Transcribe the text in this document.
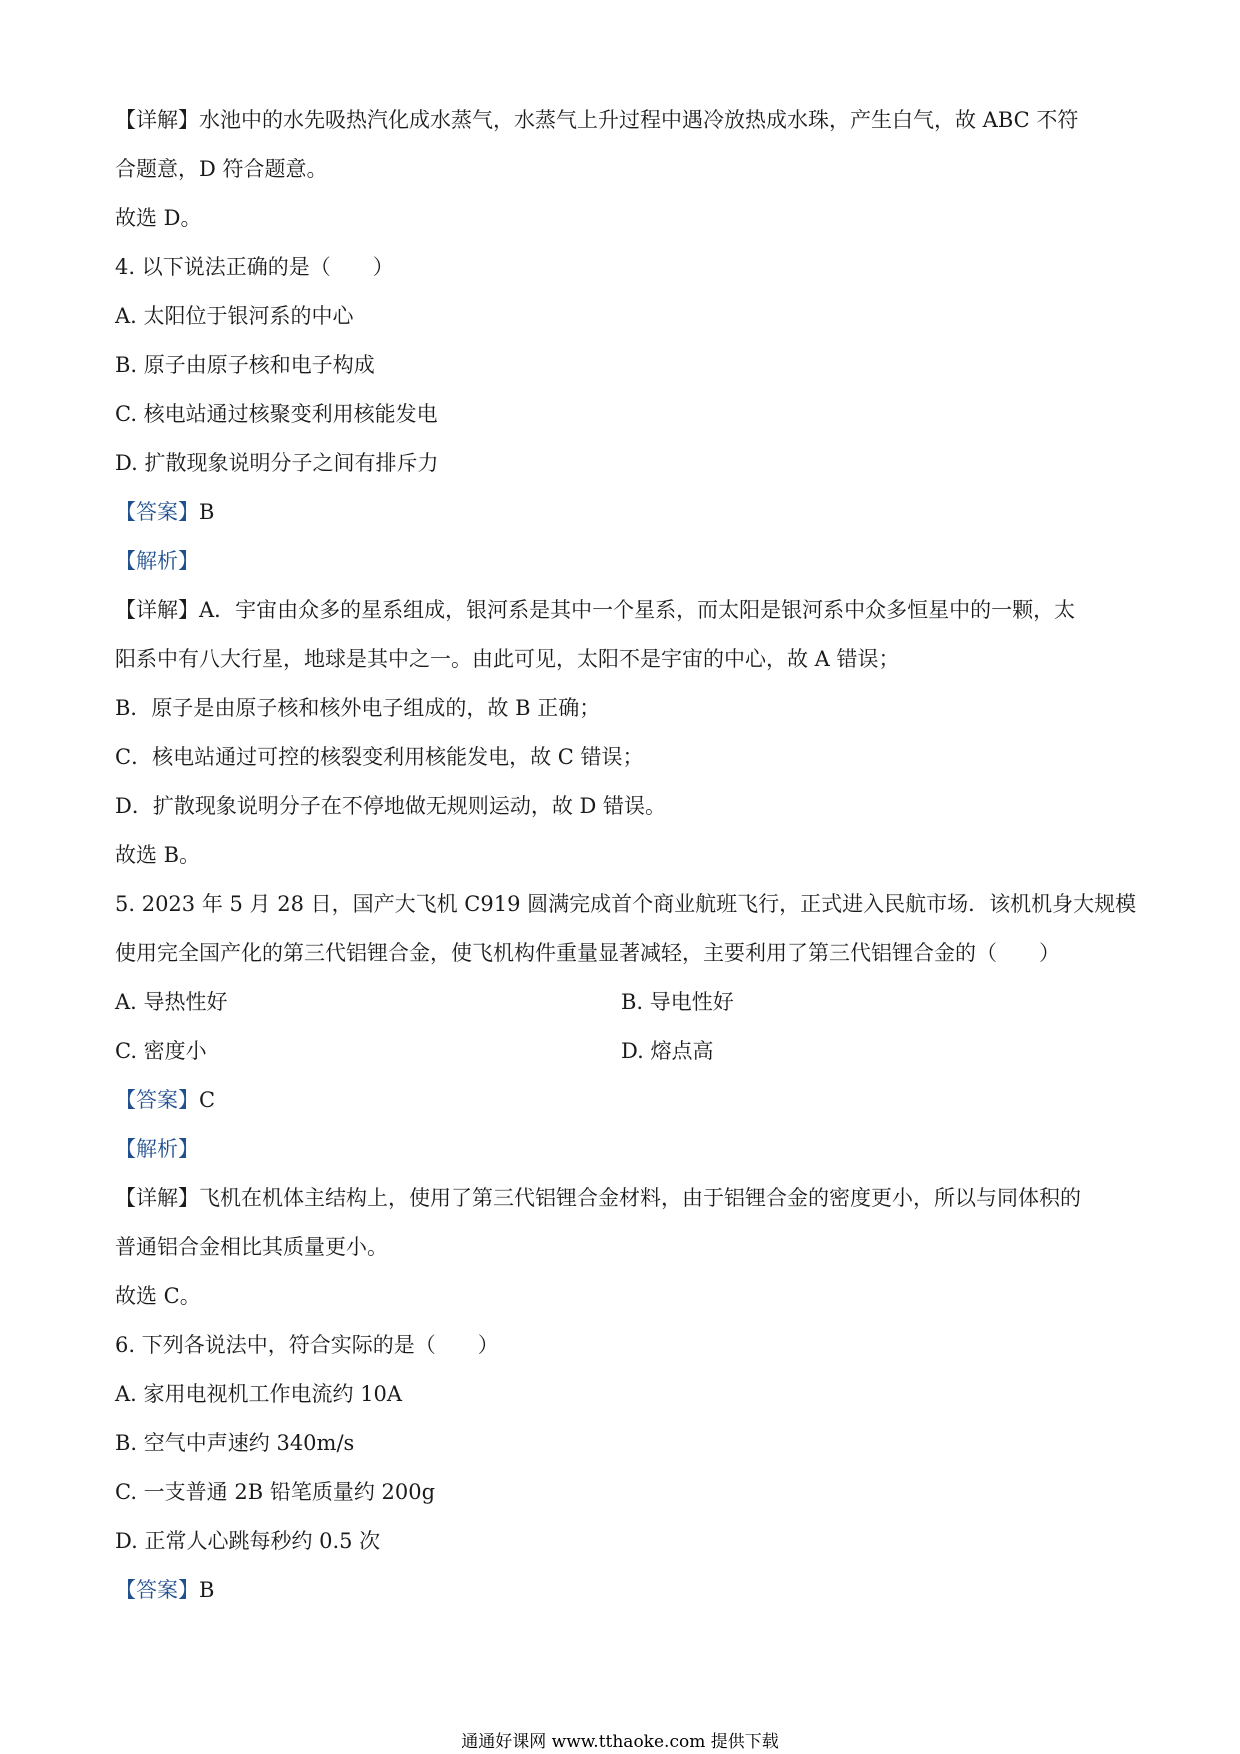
【详解】水池中的水先吸热汽化成水蒸气，水蒸气上升过程中遇冷放热成水珠，产生白气，故 ABC 不符
合题意，D 符合题意。
故选 D。
4. 以下说法正确的是（ ）
A. 太阳位于银河系的中心
B. 原子由原子核和电子构成
C. 核电站通过核聚变利用核能发电
D. 扩散现象说明分子之间有排斥力
【答案】B
【解析】
【详解】A．宇宙由众多的星系组成，银河系是其中一个星系，而太阳是银河系中众多恒星中的一颗，太
阳系中有八大行星，地球是其中之一。由此可见，太阳不是宇宙的中心，故 A 错误；
B．原子是由原子核和核外电子组成的，故 B 正确；
C．核电站通过可控的核裂变利用核能发电，故 C 错误；
D．扩散现象说明分子在不停地做无规则运动，故 D 错误。
故选 B。
5. 2023 年 5 月 28 日，国产大飞机 C919 圆满完成首个商业航班飞行，正式进入民航市场．该机机身大规模
使用完全国产化的第三代铝锂合金，使飞机构件重量显著减轻，主要利用了第三代铝锂合金的（ ）
A. 导热性好	B. 导电性好
C. 密度小	D. 熔点高
【答案】C
【解析】
【详解】飞机在机体主结构上，使用了第三代铝锂合金材料，由于铝锂合金的密度更小，所以与同体积的
普通铝合金相比其质量更小。
故选 C。
6. 下列各说法中，符合实际的是（ ）
A. 家用电视机工作电流约 10A
B. 空气中声速约 340m/s
C. 一支普通 2B 铅笔质量约 200g
D. 正常人心跳每秒约 0.5 次
【答案】B
通通好课网 www.tthaoke.com 提供下载
